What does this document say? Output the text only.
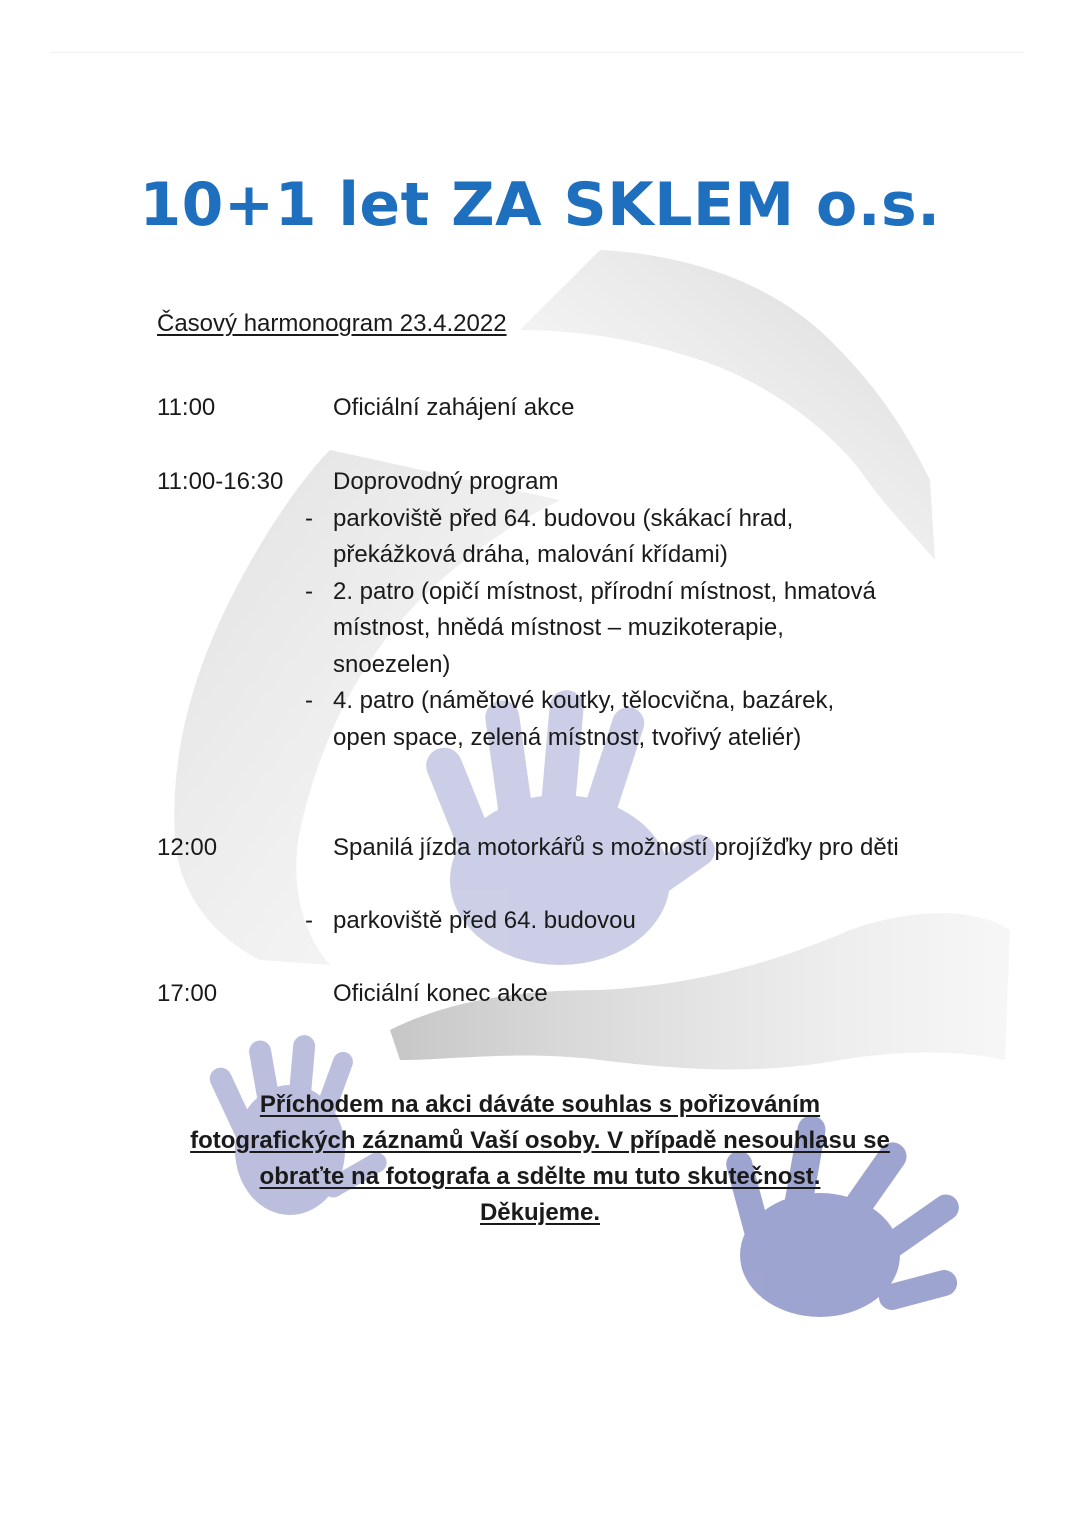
10+1 let ZA SKLEM o.s.

Časový harmonogram 23.4.2022

11:00	Oficiální zahájení akce
11:00-16:30 Doprovodný program
- parkoviště před 64. budovou (skákací hrad, překážková dráha, malování křídami)
- 2. patro (opičí místnost, přírodní místnost, hmatová místnost, hnědá místnost – muzikoterapie, snoezelen)
- 4. patro (námětové koutky, tělocvična, bazárek, open space, zelená místnost, tvořivý ateliér)
12:00	Spanilá jízda motorkářů s možností projížďky pro děti
- parkoviště před 64. budovou
17:00	Oficiální konec akce

Příchodem na akci dáváte souhlas s pořizováním
fotografických záznamů Vaší osoby. V případě nesouhlasu se
obraťte na fotografa a sdělte mu tuto skutečnost.
Děkujeme.
